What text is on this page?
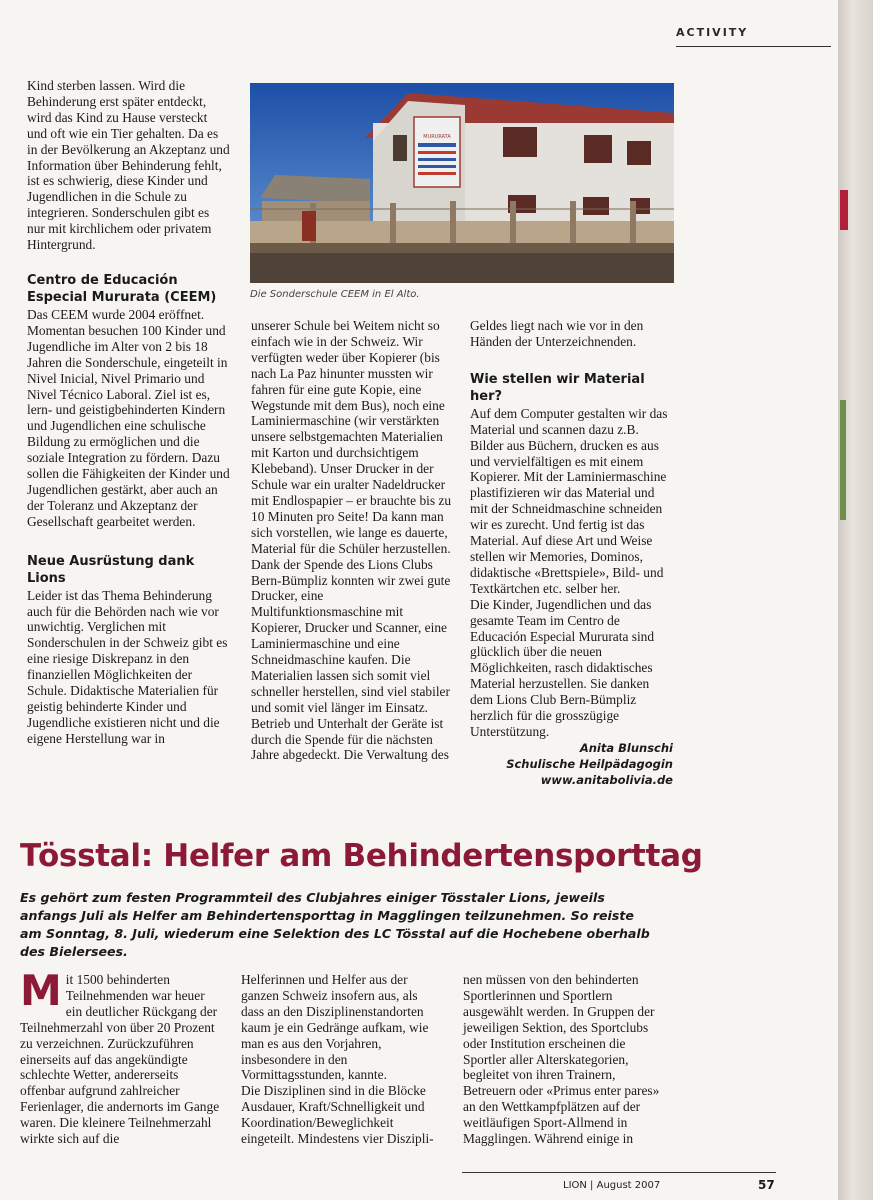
ACTIVITY

Kind sterben lassen. Wird die Behinderung erst später entdeckt, wird das Kind zu Hause versteckt und oft wie ein Tier gehalten. Da es in der Bevölkerung an Akzeptanz und Information über Behinderung fehlt, ist es schwierig, diese Kinder und Jugendlichen in die Schule zu integrieren. Sonderschulen gibt es nur mit kirchlichem oder privatem Hintergrund.

Centro de Educación Especial Mururata (CEEM)

Das CEEM wurde 2004 eröffnet. Momentan besuchen 100 Kinder und Jugendliche im Alter von 2 bis 18 Jahren die Sonderschule, eingeteilt in Nivel Inicial, Nivel Primario und Nivel Técnico Laboral. Ziel ist es, lern- und geistigbehinderten Kindern und Jugendlichen eine schulische Bildung zu ermöglichen und die soziale Integration zu fördern. Dazu sollen die Fähigkeiten der Kinder und Jugendlichen gestärkt, aber auch an der Toleranz und Akzeptanz der Gesellschaft gearbeitet werden.

Neue Ausrüstung dank Lions

Leider ist das Thema Behinderung auch für die Behörden nach wie vor unwichtig. Verglichen mit Sonderschulen in der Schweiz gibt es eine riesige Diskrepanz in den finanziellen Möglichkeiten der Schule. Didaktische Materialien für geistig behinderte Kinder und Jugendliche existieren nicht und die eigene Herstellung war in

MURURATA
Die Sonderschule CEEM in El Alto.

unserer Schule bei Weitem nicht so einfach wie in der Schweiz. Wir verfügten weder über Kopierer (bis nach La Paz hinunter mussten wir fahren für eine gute Kopie, eine Wegstunde mit dem Bus), noch eine Laminiermaschine (wir verstärkten unsere selbstgemachten Materialien mit Karton und durchsichtigem Klebeband). Unser Drucker in der Schule war ein uralter Nadeldrucker mit Endlospapier – er brauchte bis zu 10 Minuten pro Seite! Da kann man sich vorstellen, wie lange es dauerte, Material für die Schüler herzustellen.

Dank der Spende des Lions Clubs Bern-Bümpliz konnten wir zwei gute Drucker, eine Multifunktionsmaschine mit Kopierer, Drucker und Scanner, eine Laminiermaschine und eine Schneidmaschine kaufen. Die Materialien lassen sich somit viel schneller herstellen, sind viel stabiler und somit viel länger im Einsatz. Betrieb und Unterhalt der Geräte ist durch die Spende für die nächsten Jahre abgedeckt. Die Verwaltung des

Geldes liegt nach wie vor in den Händen der Unterzeichnenden.

Wie stellen wir Material her?

Auf dem Computer gestalten wir das Material und scannen dazu z.B. Bilder aus Büchern, drucken es aus und vervielfältigen es mit einem Kopierer. Mit der Laminiermaschine plastifizieren wir das Material und mit der Schneidmaschine schneiden wir es zurecht. Und fertig ist das Material. Auf diese Art und Weise stellen wir Memories, Dominos, didaktische «Brettspiele», Bild- und Textkärtchen etc. selber her.

Die Kinder, Jugendlichen und das gesamte Team im Centro de Educación Especial Mururata sind glücklich über die neuen Möglichkeiten, rasch didaktisches Material herzustellen. Sie danken dem Lions Club Bern-Bümpliz herzlich für die grosszügige Unterstützung.

Anita Blunschi
Schulische Heilpädagogin
www.anitabolivia.de
Tösstal: Helfer am Behindertensporttag
Es gehört zum festen Programmteil des Clubjahres einiger Tösstaler Lions, jeweils anfangs Juli als Helfer am Behindertensporttag in Magglingen teilzunehmen. So reiste am Sonntag, 8. Juli, wiederum eine Selektion des LC Tösstal auf die Hochebene oberhalb des Bielersees.

Mit 1500 behinderten Teilnehmenden war heuer ein deutlicher Rückgang der Teilnehmerzahl von über 20 Prozent zu verzeichnen. Zurückzuführen einerseits auf das angekündigte schlechte Wetter, andererseits offenbar aufgrund zahlreicher Ferienlager, die andernorts im Gange waren. Die kleinere Teilnehmerzahl wirkte sich auf die

Helferinnen und Helfer aus der ganzen Schweiz insofern aus, als dass an den Disziplinenstandorten kaum je ein Gedränge aufkam, wie man es aus den Vorjahren, insbesondere in den Vormittagsstunden, kannte.

Die Disziplinen sind in die Blöcke Ausdauer, Kraft/Schnelligkeit und Koordination/Beweglichkeit eingeteilt. Mindestens vier Diszipli-

nen müssen von den behinderten Sportlerinnen und Sportlern ausgewählt werden. In Gruppen der jeweiligen Sektion, des Sportclubs oder Institution erscheinen die Sportler aller Alterskategorien, begleitet von ihren Trainern, Betreuern oder «Primus enter pares» an den Wettkampfplätzen auf der weitläufigen Sport-Allmend in Magglingen. Während einige in

LION | August 2007	57
